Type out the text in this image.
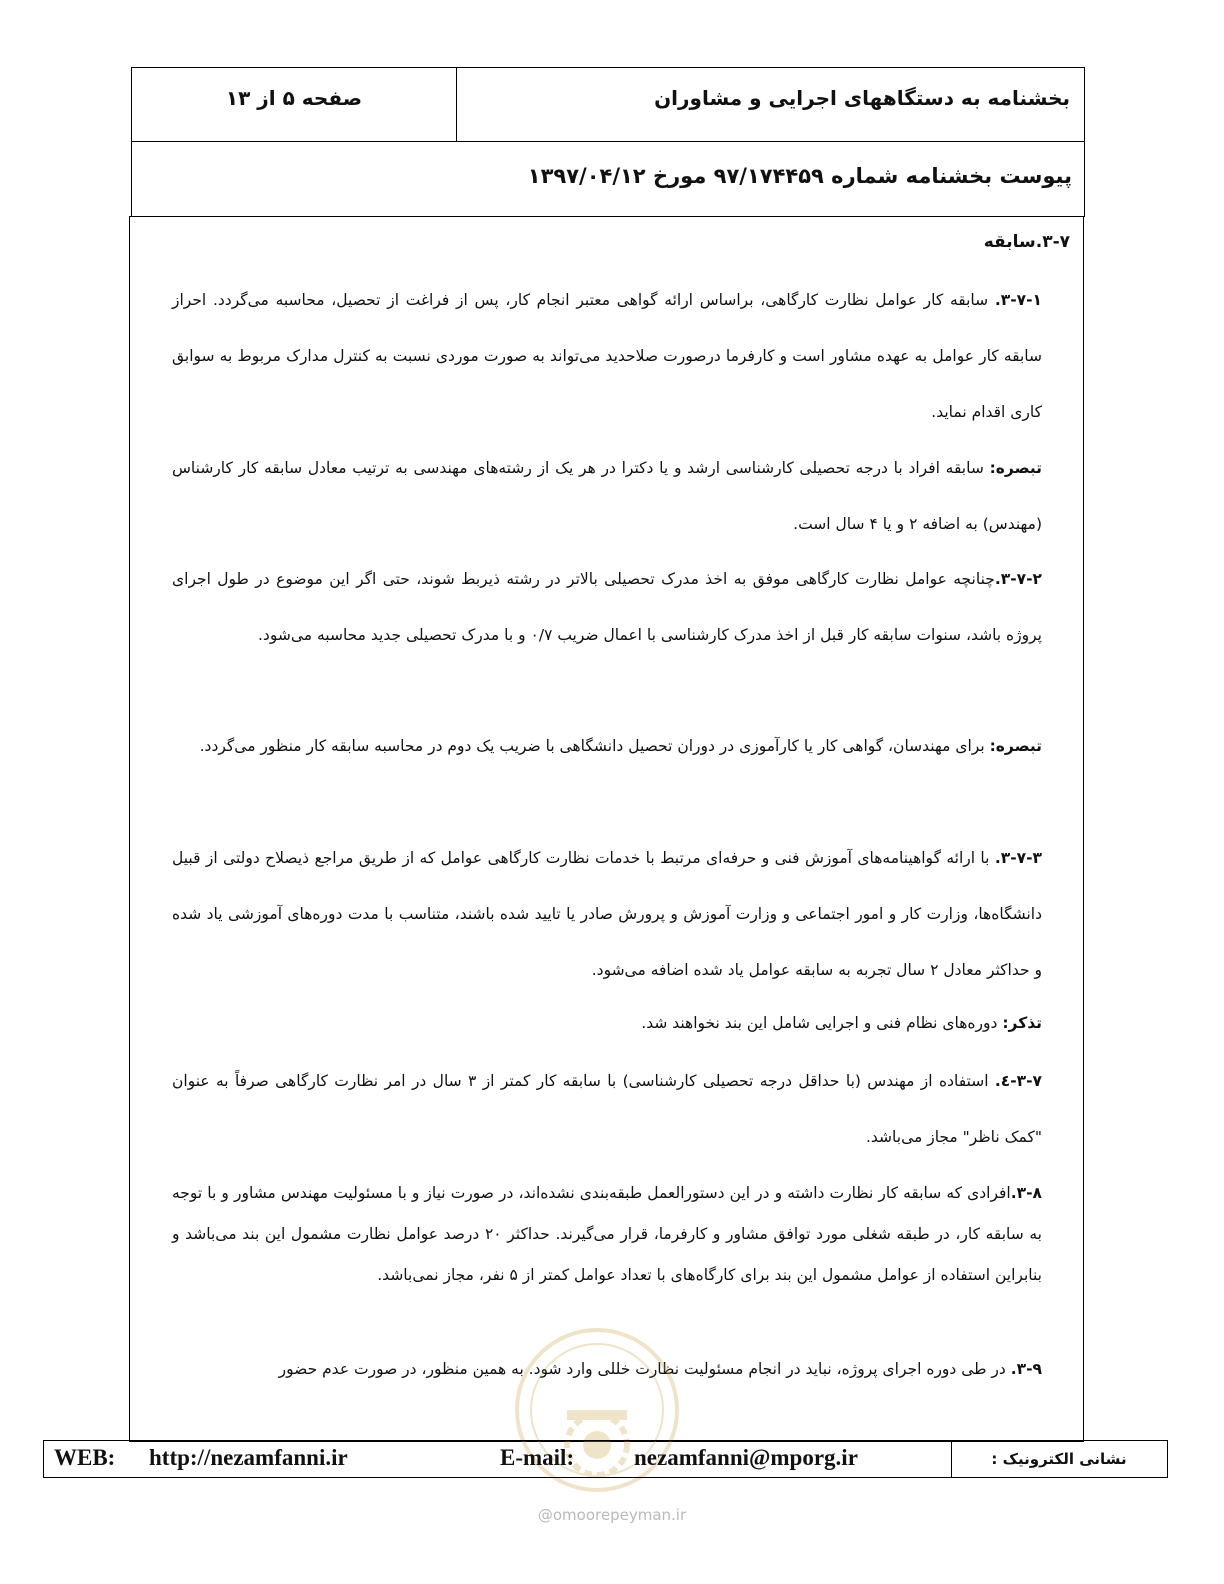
صفحه ۵ از ۱۳	بخشنامه به دستگاههای اجرایی و مشاوران
پیوست بخشنامه شماره ۹۷/۱۷۴۴۵۹ مورخ ۱۳۹۷/۰۴/۱۲
۳-۷.سابقه
۳-۷-۱. سابقه کار عوامل نظارت کارگاهی، براساس ارائه گواهی معتبر انجام کار، پس از فراغت از تحصیل، محاسبه می‌گردد. احراز سابقه کار عوامل به عهده مشاور است و کارفرما درصورت صلاحدید می‌تواند به صورت موردی نسبت به کنترل مدارک مربوط به سوابق کاری اقدام نماید.
تبصره: سابقه افراد با درجه تحصیلی کارشناسی ارشد و یا دکترا در هر یک از رشته‌های مهندسی به ترتیب معادل سابقه کار کارشناس (مهندس) به اضافه ۲ و یا ۴ سال است.
۳-۷-۲.چنانچه عوامل نظارت کارگاهی موفق به اخذ مدرک تحصیلی بالاتر در رشته ذیربط شوند، حتی اگر این موضوع در طول اجرای پروژه باشد، سنوات سابقه کار قبل از اخذ مدرک کارشناسی با اعمال ضریب ۰/۷ و با مدرک تحصیلی جدید محاسبه می‌شود.
تبصره: برای مهندسان، گواهی کار یا کارآموزی در دوران تحصیل دانشگاهی با ضریب یک دوم در محاسبه سابقه کار منظور می‌گردد.
۳-۷-۳. با ارائه گواهینامه‌های آموزش فنی و حرفه‌ای مرتبط با خدمات نظارت کارگاهی عوامل که از طریق مراجع ذیصلاح دولتی از قبیل دانشگاه‌ها، وزارت کار و امور اجتماعی و وزارت آموزش و پرورش صادر یا تایید شده باشند، متناسب با مدت دوره‌های آموزشی یاد شده و حداکثر معادل ۲ سال تجربه به سابقه عوامل یاد شده اضافه می‌شود.
تذکر: دوره‌های نظام فنی و اجرایی شامل این بند نخواهند شد.
۳-۷-٤. استفاده از مهندس (با حداقل درجه تحصیلی کارشناسی) با سابقه کار کمتر از ۳ سال در امر نظارت کارگاهی صرفاً به عنوان "کمک ناظر" مجاز می‌باشد.
۳-۸.افرادی که سابقه کار نظارت داشته و در این دستورالعمل طبقه‌بندی نشده‌اند، در صورت نیاز و با مسئولیت مهندس مشاور و با توجه به سابقه کار، در طبقه شغلی مورد توافق مشاور و کارفرما، قرار می‌گیرند. حداکثر ۲۰ درصد عوامل نظارت مشمول این بند می‌باشد و بنابراین استفاده از عوامل مشمول این بند برای کارگاه‌های با تعداد عوامل کمتر از ۵ نفر، مجاز نمی‌باشد.
۳-۹. در طی دوره اجرای پروژه، نباید در انجام مسئولیت نظارت خللی وارد شود. به همین منظور، در صورت عدم حضور
WEB: http://nezamfanni.ir	E-mail:	nezamfanni@mporg.ir	نشانی الکترونیک :
@omoorepeyman.ir
